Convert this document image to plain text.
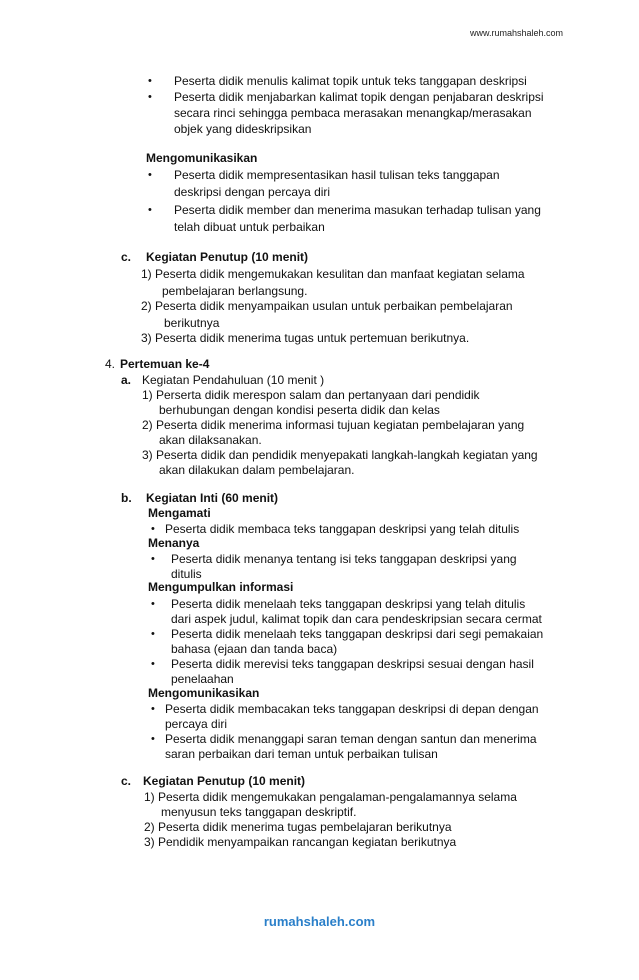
www.rumahshaleh.com
• Peserta didik menulis kalimat topik untuk teks tanggapan deskripsi
• Peserta didik menjabarkan kalimat topik dengan penjabaran deskripsi
secara rinci sehingga pembaca merasakan menangkap/merasakan
objek yang dideskripsikan
Mengomunikasikan
• Peserta didik mempresentasikan hasil tulisan teks tanggapan
deskripsi dengan percaya diri
• Peserta didik member dan menerima masukan terhadap tulisan yang
telah dibuat untuk perbaikan
c. Kegiatan Penutup (10 menit)
1) Peserta didik mengemukakan kesulitan dan manfaat kegiatan selama
pembelajaran berlangsung.
2) Peserta didik menyampaikan usulan untuk perbaikan pembelajaran
berikutnya
3) Peserta didik menerima tugas untuk pertemuan berikutnya.
4. Pertemuan ke-4
a. Kegiatan Pendahuluan (10 menit )
1) Perserta didik merespon salam dan pertanyaan dari pendidik
berhubungan dengan kondisi peserta didik dan kelas
2) Peserta didik menerima informasi tujuan kegiatan pembelajaran yang
akan dilaksanakan.
3) Peserta didik dan pendidik menyepakati langkah-langkah kegiatan yang
akan dilakukan dalam pembelajaran.
b. Kegiatan Inti (60 menit)
Mengamati
• Peserta didik membaca teks tanggapan deskripsi yang telah ditulis
Menanya
• Peserta didik menanya tentang isi teks tanggapan deskripsi yang
ditulis
Mengumpulkan informasi
• Peserta didik menelaah teks tanggapan deskripsi yang telah ditulis
dari aspek judul, kalimat topik dan cara pendeskripsian secara cermat
• Peserta didik menelaah teks tanggapan deskripsi dari segi pemakaian
bahasa (ejaan dan tanda baca)
• Peserta didik merevisi teks tanggapan deskripsi sesuai dengan hasil
penelaahan
Mengomunikasikan
• Peserta didik membacakan teks tanggapan deskripsi di depan dengan
percaya diri
• Peserta didik menanggapi saran teman dengan santun dan menerima
saran perbaikan dari teman untuk perbaikan tulisan
c. Kegiatan Penutup (10 menit)
1) Peserta didik mengemukakan pengalaman-pengalamannya selama
menyusun teks tanggapan deskriptif.
2) Peserta didik menerima tugas pembelajaran berikutnya
3) Pendidik menyampaikan rancangan kegiatan berikutnya
rumahshaleh.com
